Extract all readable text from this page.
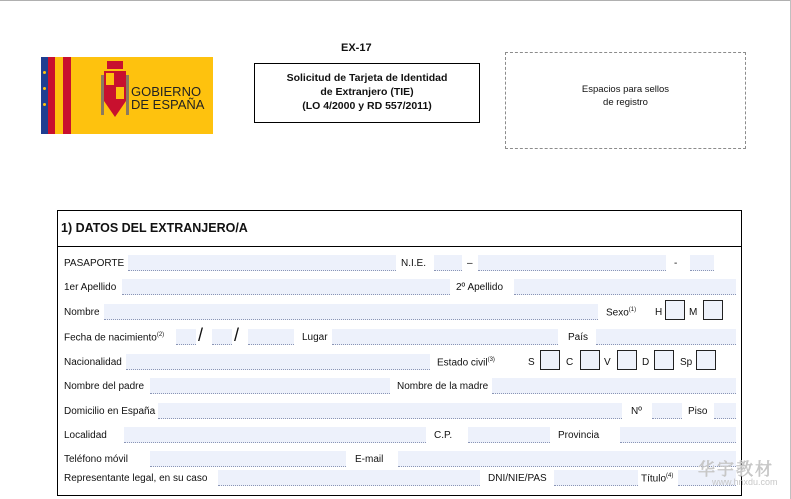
GOBIERNO
DE ESPAÑA
EX-17
Solicitud de Tarjeta de Identidad
de Extranjero (TIE)
(LO 4/2000 y RD 557/2011)
Espacios para sellos
de registro
1) DATOS DEL EXTRANJERO/A
PASAPORTE	N.I.E.	–	-
1er Apellido	2º Apellido
Nombre	Sexo$^{(1)}$ H	M
Fecha de nacimiento$^{(2)}$ / /	Lugar	País
Nacionalidad	Estado civil$^{(3)}$	S	C	V	D	Sp
Nombre del padre	Nombre de la madre
Domicilio en España	Nº	Piso
Localidad	C.P.	Provincia
Teléfono móvil	E-mail
Representante legal, en su caso	DNI/NIE/PAS	Título$^{(4)}$ 华宇教材
www.hnxdu.com
